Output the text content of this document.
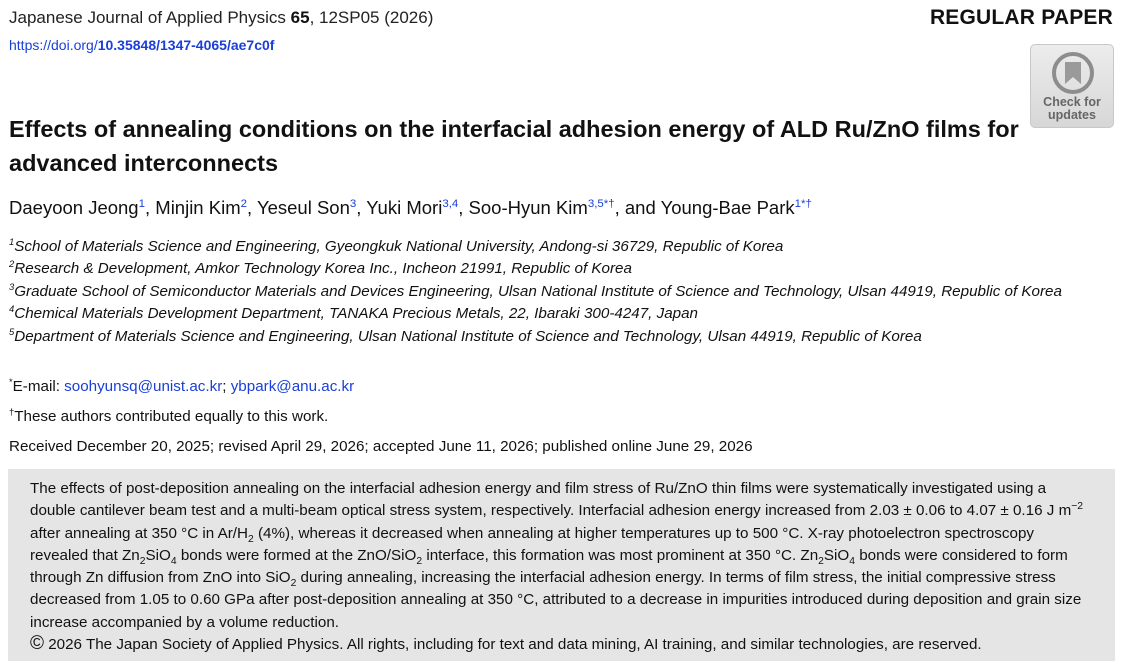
Japanese Journal of Applied Physics 65, 12SP05 (2026)	REGULAR PAPER
https://doi.org/10.35848/1347-4065/ae7c0f
Check for
updates
Effects of annealing conditions on the interfacial adhesion energy of ALD Ru/ZnO films for advanced interconnects
Daeyoon Jeong$^1$, Minjin Kim$^2$, Yeseul Son$^3$, Yuki Mori$^{3,4}$, Soo-Hyun Kim$^{3,5*\dagger}$, and Young-Bae Park$^{1*\dagger}$

$^1$School of Materials Science and Engineering, Gyeongkuk National University, Andong-si 36729, Republic of Korea

$^2$Research & Development, Amkor Technology Korea Inc., Incheon 21991, Republic of Korea

$^3$Graduate School of Semiconductor Materials and Devices Engineering, Ulsan National Institute of Science and Technology, Ulsan 44919, Republic of Korea

$^4$Chemical Materials Development Department, TANAKA Precious Metals, 22, Ibaraki 300-4247, Japan

$^5$Department of Materials Science and Engineering, Ulsan National Institute of Science and Technology, Ulsan 44919, Republic of Korea

*E-mail: soohyunsq@unist.ac.kr; ybpark@anu.ac.kr
†These authors contributed equally to this work.
Received December 20, 2025; revised April 29, 2026; accepted June 11, 2026; published online June 29, 2026

The effects of post-deposition annealing on the interfacial adhesion energy and film stress of Ru/ZnO thin films were systematically investigated using a double cantilever beam test and a multi-beam optical stress system, respectively. Interfacial adhesion energy increased from 2.03 ± 0.06 to 4.07 ± 0.16 J $m^{-2}$ after annealing at 350 °C in $Ar/H_2$ (4%), whereas it decreased when annealing at higher temperatures up to 500 °C. X-ray photoelectron spectroscopy revealed that $Zn_2SiO_4$ bonds were formed at the ZnO/SiO$_2$ interface, this formation was most prominent at 350 °C. $Zn_2SiO_4$ bonds were considered to form through Zn diffusion from ZnO into SiO$_2$ during annealing, increasing the interfacial adhesion energy. In terms of film stress, the initial compressive stress decreased from 1.05 to 0.60 GPa after post-deposition annealing at 350 °C, attributed to a decrease in impurities introduced during deposition and grain size increase accompanied by a volume reduction.

© 2026 The Japan Society of Applied Physics. All rights, including for text and data mining, AI training, and similar technologies, are reserved.
